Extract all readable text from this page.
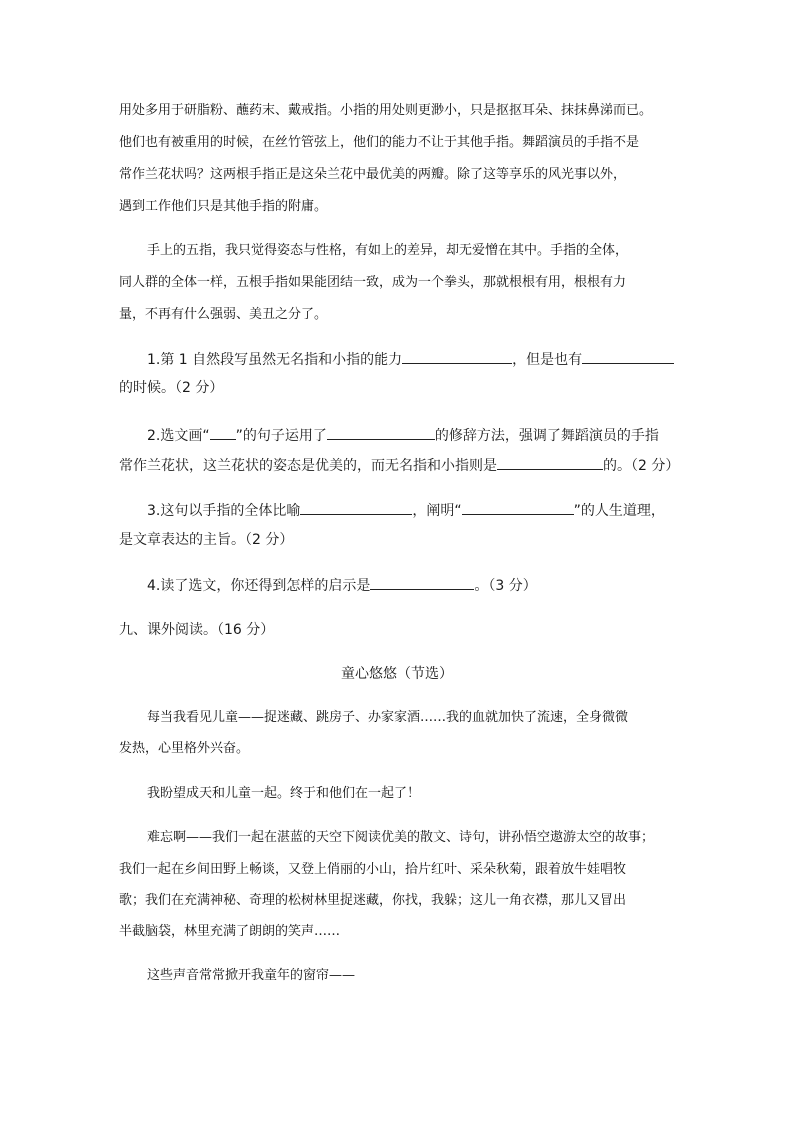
用处多用于研脂粉、蘸药末、戴戒指。小指的用处则更渺小，只是抠抠耳朵、抹抹鼻涕而已。
他们也有被重用的时候，在丝竹管弦上，他们的能力不让于其他手指。舞蹈演员的手指不是
常作兰花状吗？这两根手指正是这朵兰花中最优美的两瓣。除了这等享乐的风光事以外，
遇到工作他们只是其他手指的附庸。
手上的五指，我只觉得姿态与性格，有如上的差异，却无爱憎在其中。手指的全体，
同人群的全体一样，五根手指如果能团结一致，成为一个拳头，那就根根有用，根根有力
量，不再有什么强弱、美丑之分了。
1.第 1 自然段写虽然无名指和小指的能力	，但是也有
的时候。（2 分）
2.选文画“ ”的句子运用了	的修辞方法，强调了舞蹈演员的手指
常作兰花状，这兰花状的姿态是优美的，而无名指和小指则是	的。（2 分）
3.这句以手指的全体比喻	，阐明“	”的人生道理，
是文章表达的主旨。（2 分）
4.读了选文，你还得到怎样的启示是	。（3 分）
九、课外阅读。（16 分）
童心悠悠（节选）
每当我看见儿童——捉迷藏、跳房子、办家家酒……我的血就加快了流速，全身微微
发热，心里格外兴奋。
我盼望成天和儿童一起。终于和他们在一起了！
难忘啊——我们一起在湛蓝的天空下阅读优美的散文、诗句，讲孙悟空遨游太空的故事；
我们一起在乡间田野上畅谈，又登上俏丽的小山，拾片红叶、采朵秋菊，跟着放牛娃唱牧
歌；我们在充满神秘、奇理的松树林里捉迷藏，你找，我躲；这儿一角衣襟，那儿又冒出
半截脑袋，林里充满了朗朗的笑声……
这些声音常常掀开我童年的窗帘——
